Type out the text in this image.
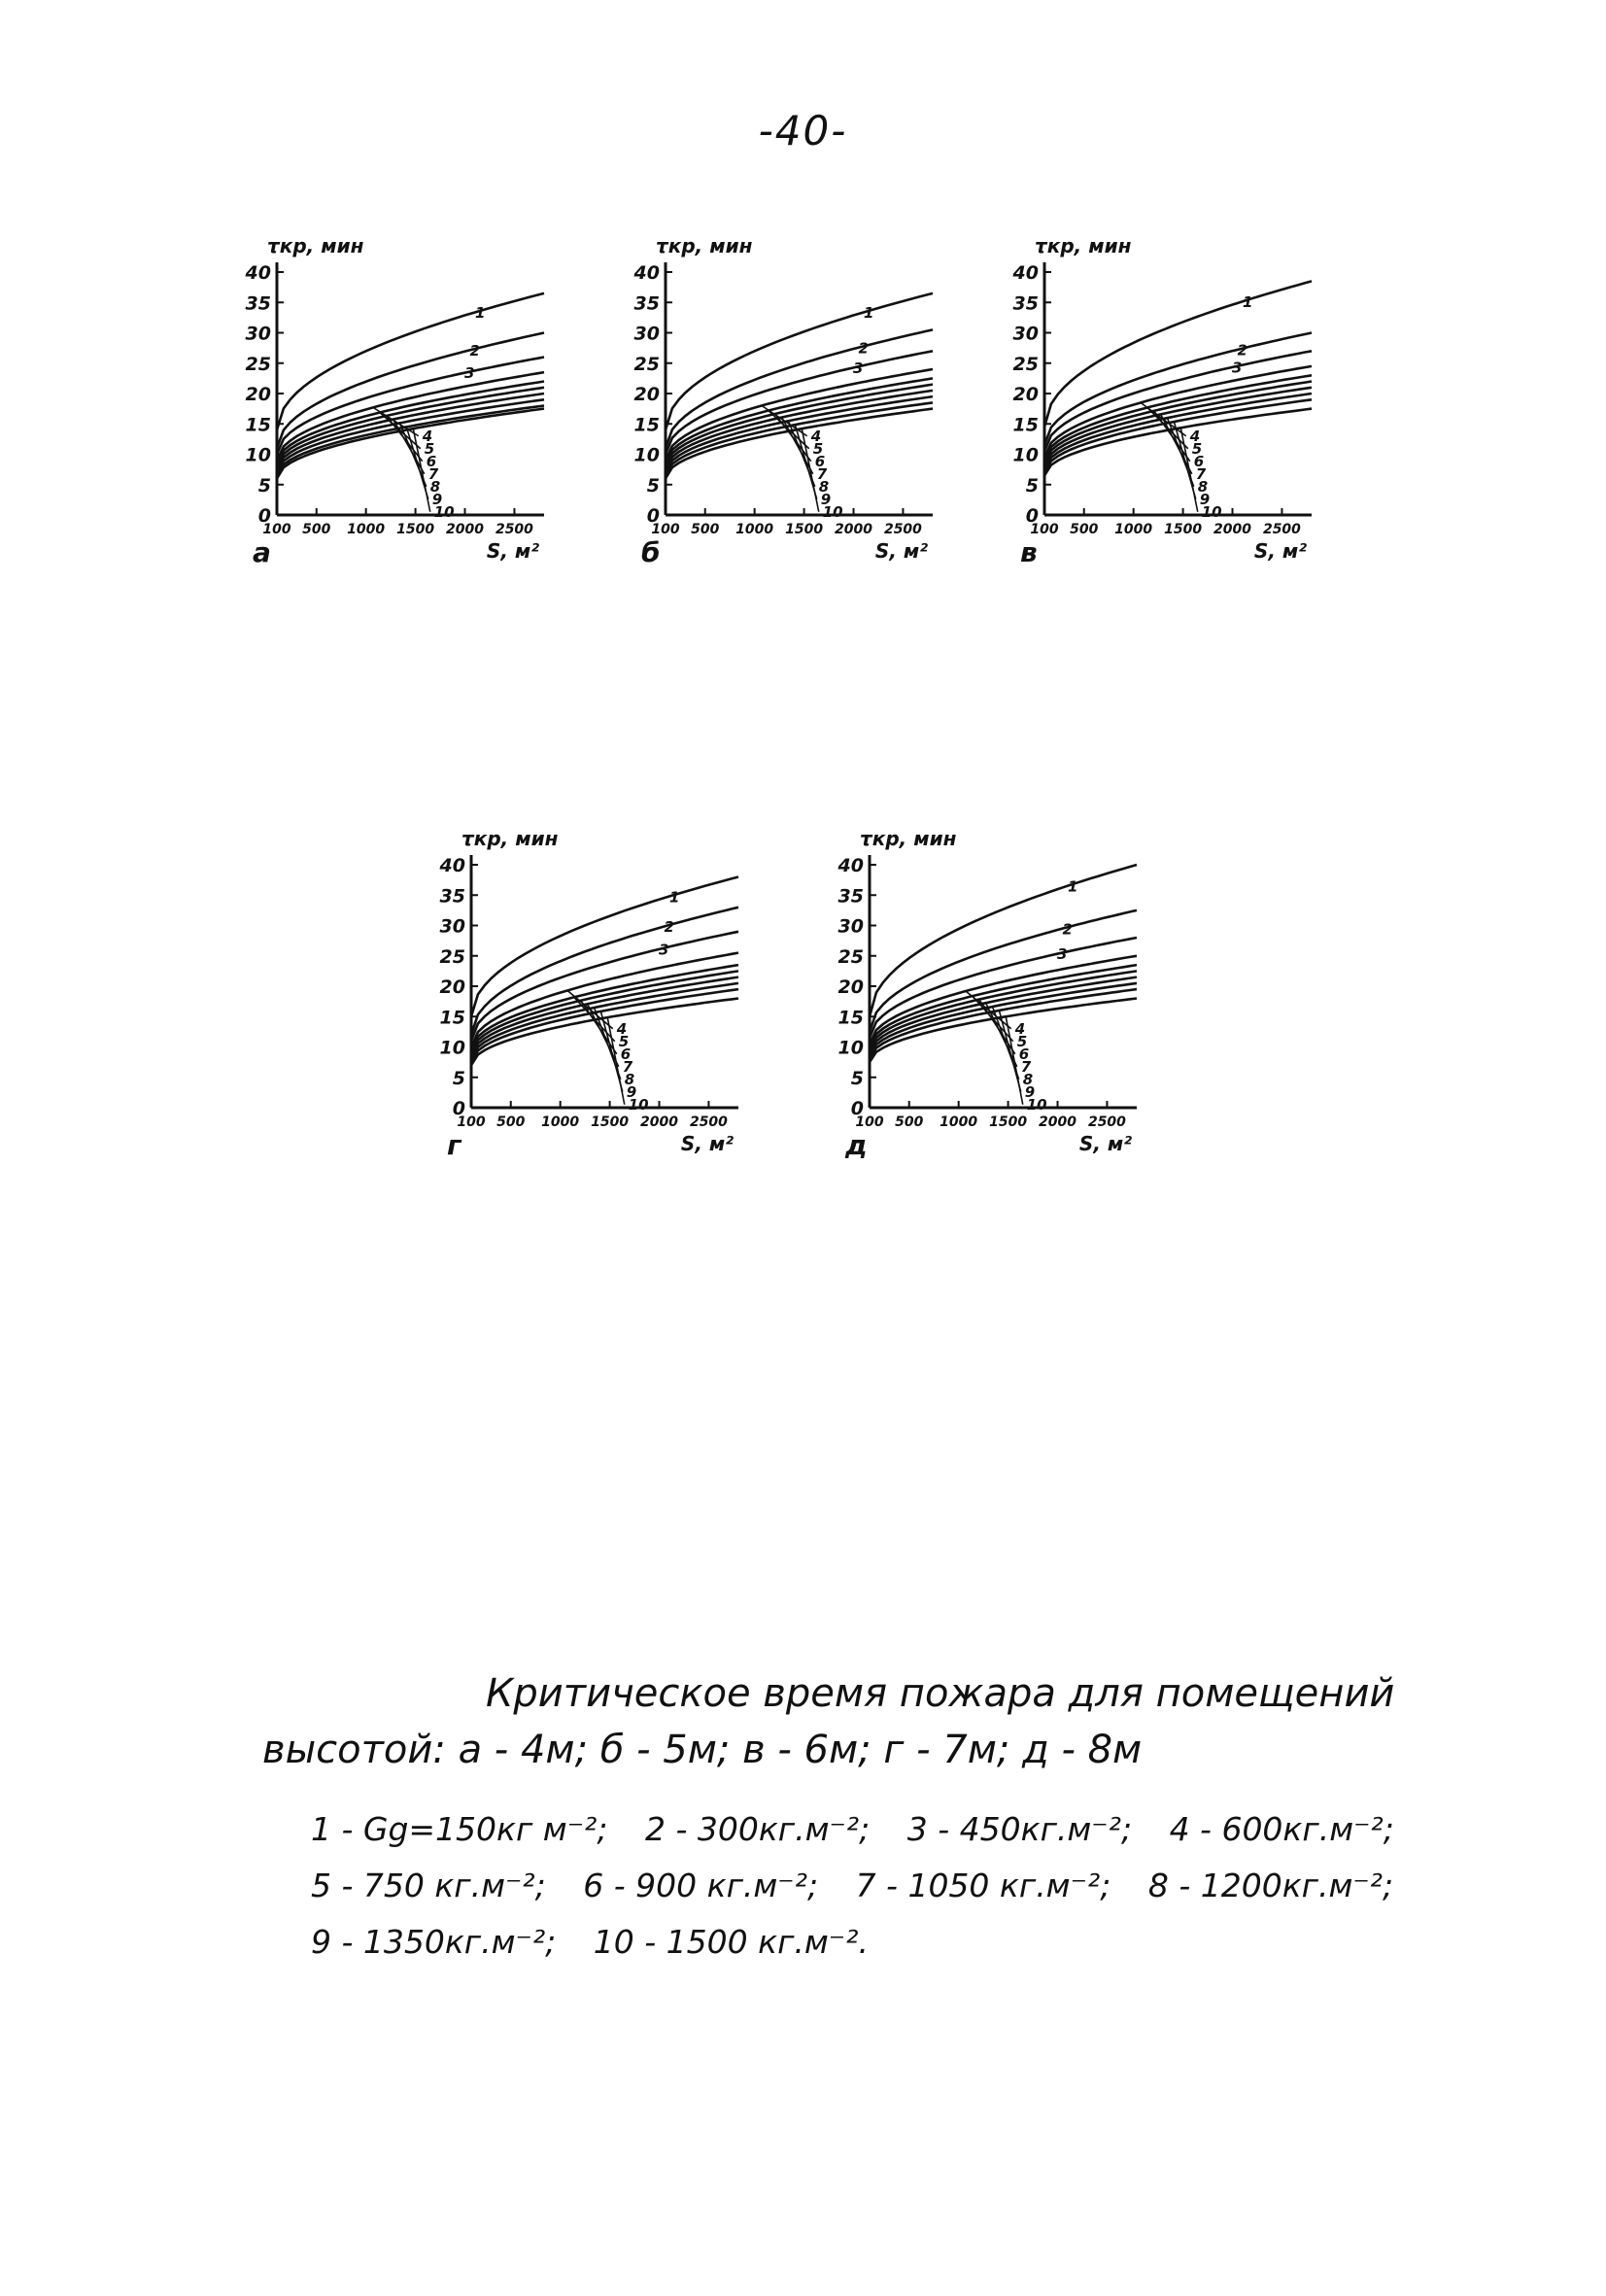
-40-
0
5
10
15
20
25
30
35
40
100 500 1000 1500 2000 2500
τкр, мин
S, м²
а
1
2
3
4
5
6
7
8
9
10	0
5
10
15
20
25
30
35
40
100 500 1000 1500 2000 2500
τкр, мин
S, м²
б
1
2
3
4
5
6
7
8
9
10	0
5
10
15
20
25
30
35
40
100 500 1000 1500 2000 2500
τкр, мин
S, м²
в
1
2
3
4
5
6
7
8
9
10
0
5
10
15
20
25
30
35
40
100 500 1000 1500 2000 2500
τкр, мин
S, м²
г
1
2
3
4
5
6
7
8
9
10	0
5
10
15
20
25
30
35
40
100 500 1000 1500 2000 2500
τкр, мин
S, м²
д
1
2
3
4
5
6
7
8
9
10
Критическое время пожара для помещений
высотой: а - 4м; б - 5м; в - 6м; г - 7м; д - 8м
1 - Gg=150кг м⁻²; 2 - 300кг.м⁻²; 3 - 450кг.м⁻²; 4 - 600кг.м⁻²;
5 - 750 кг.м⁻²; 6 - 900 кг.м⁻²; 7 - 1050 кг.м⁻²; 8 - 1200кг.м⁻²;
9 - 1350кг.м⁻²; 10 - 1500 кг.м⁻².
